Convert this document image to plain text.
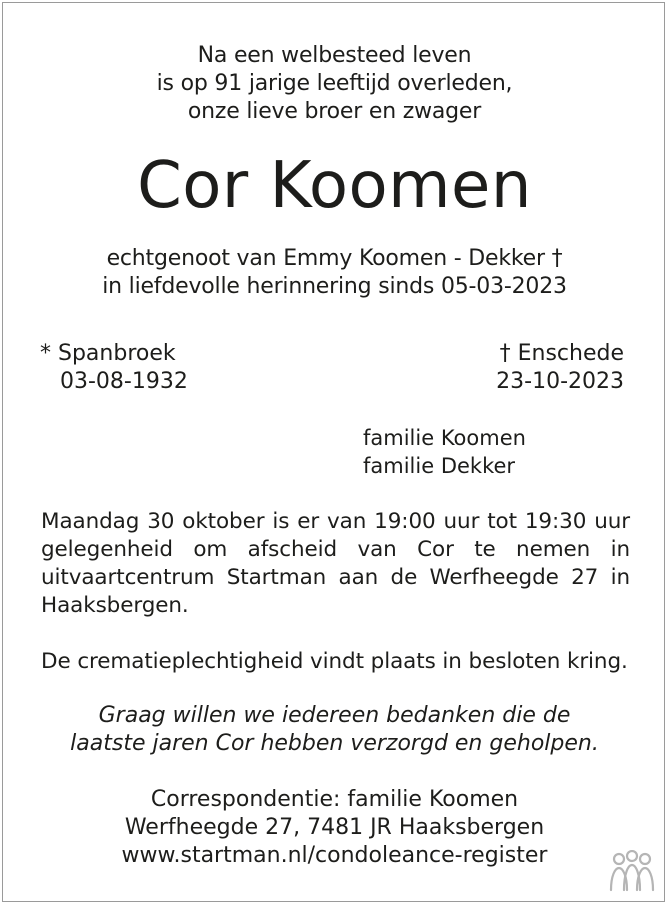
Na een welbesteed leven
is op 91 jarige leeftijd overleden,
onze lieve broer en zwager
Cor Koomen
echtgenoot van Emmy Koomen - Dekker †
in liefdevolle herinnering sinds 05-03-2023
* Spanbroek
03-08-1932
† Enschede
23-10-2023
familie Koomen
familie Dekker
Maandag 30 oktober is er van 19:00 uur tot 19:30 uur
gelegenheid om afscheid van Cor te nemen in
uitvaartcentrum Startman aan de Werfheegde 27 in
Haaksbergen.
De crematieplechtigheid vindt plaats in besloten kring.
Graag willen we iedereen bedanken die de
laatste jaren Cor hebben verzorgd en geholpen.
Correspondentie: familie Koomen
Werfheegde 27, 7481 JR Haaksbergen
www.startman.nl/condoleance-register
